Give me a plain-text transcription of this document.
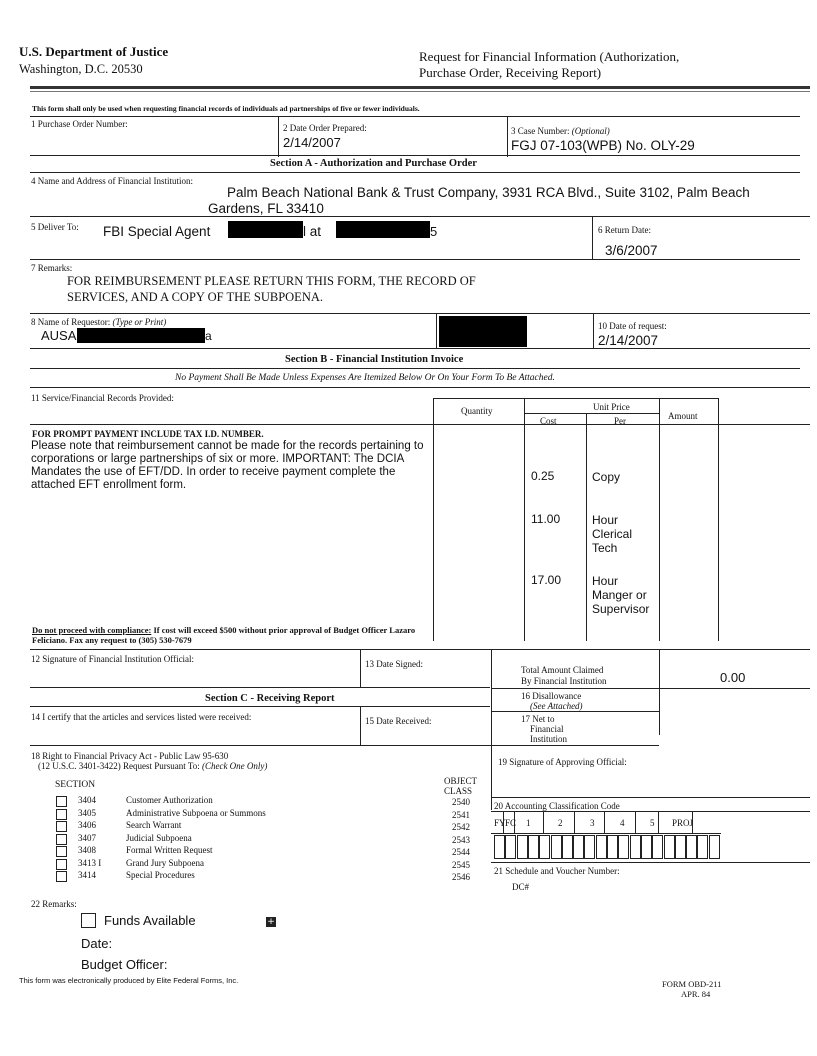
U.S. Department of Justice
Washington, D.C. 20530
Request for Financial Information (Authorization,
Purchase Order, Receiving Report)
This form shall only be used when requesting financial records of individuals ad partnerships of five or fewer individuals.
1 Purchase Order Number:	2 Date Order Prepared:
2/14/2007
3 Case Number: (Optional)
FGJ 07-103(WPB) No. OLY-29
Section A - Authorization and Purchase Order
4 Name and Address of Financial Institution:
Palm Beach National Bank & Trust Company, 3931 RCA Blvd., Suite 3102, Palm Beach
Gardens, FL 33410
5 Deliver To: FBI Special Agent	l at	5	6 Return Date:
3/6/2007
7 Remarks:
FOR REIMBURSEMENT PLEASE RETURN THIS FORM, THE RECORD OF
SERVICES, AND A COPY OF THE SUBPOENA.
8 Name of Requestor: (Type or Print)
AUSA	a
10 Date of request:
2/14/2007
Section B - Financial Institution Invoice
No Payment Shall Be Made Unless Expenses Are Itemized Below Or On Your Form To Be Attached.
11 Service/Financial Records Provided:
Quantity	Unit Price
Cost	Per	Amount
FOR PROMPT PAYMENT INCLUDE TAX I.D. NUMBER.
Please note that reimbursement cannot be made for the records pertaining to corporations or large partnerships of six or more. IMPORTANT: The DCIA Mandates the use of EFT/DD. In order to receive payment complete the attached EFT enrollment form.
0.25	Copy
11.00	Hour Clerical Tech
17.00	Hour Manger or Supervisor
Do not proceed with compliance: If cost will exceed $500 without prior approval of Budget Officer Lazaro Feliciano. Fax any request to (305) 530-7679
12 Signature of Financial Institution Official:	13 Date Signed:
Total Amount Claimed
By Financial Institution	0.00
Section C - Receiving Report	16 Disallowance
(See Attached)
14 I certify that the articles and services listed were received:	15 Date Received:	17 Net to
Financial
Institution
18 Right to Financial Privacy Act - Public Law 95-630
(12 U.S.C. 3401-3422) Request Pursuant To: (Check One Only)	19 Signature of Approving Official:
SECTION	OBJECT
CLASS
3404	Customer Authorization	2540
3405	Administrative Subpoena or Summons	2541
3406	Search Warrant	2542
3407	Judicial Subpoena	2543
3408	Formal Written Request	2544
3413 I	Grand Jury Subpoena	2545
3414	Special Procedures	2546
20 Accounting Classification Code
FY FC 1	2	3	4	5 PROJ
21 Schedule and Voucher Number:
DC#
22 Remarks:
Funds Available	+
Date:
Budget Officer:
This form was electronically produced by Elite Federal Forms, Inc.	FORM OBD-211
APR. 84
